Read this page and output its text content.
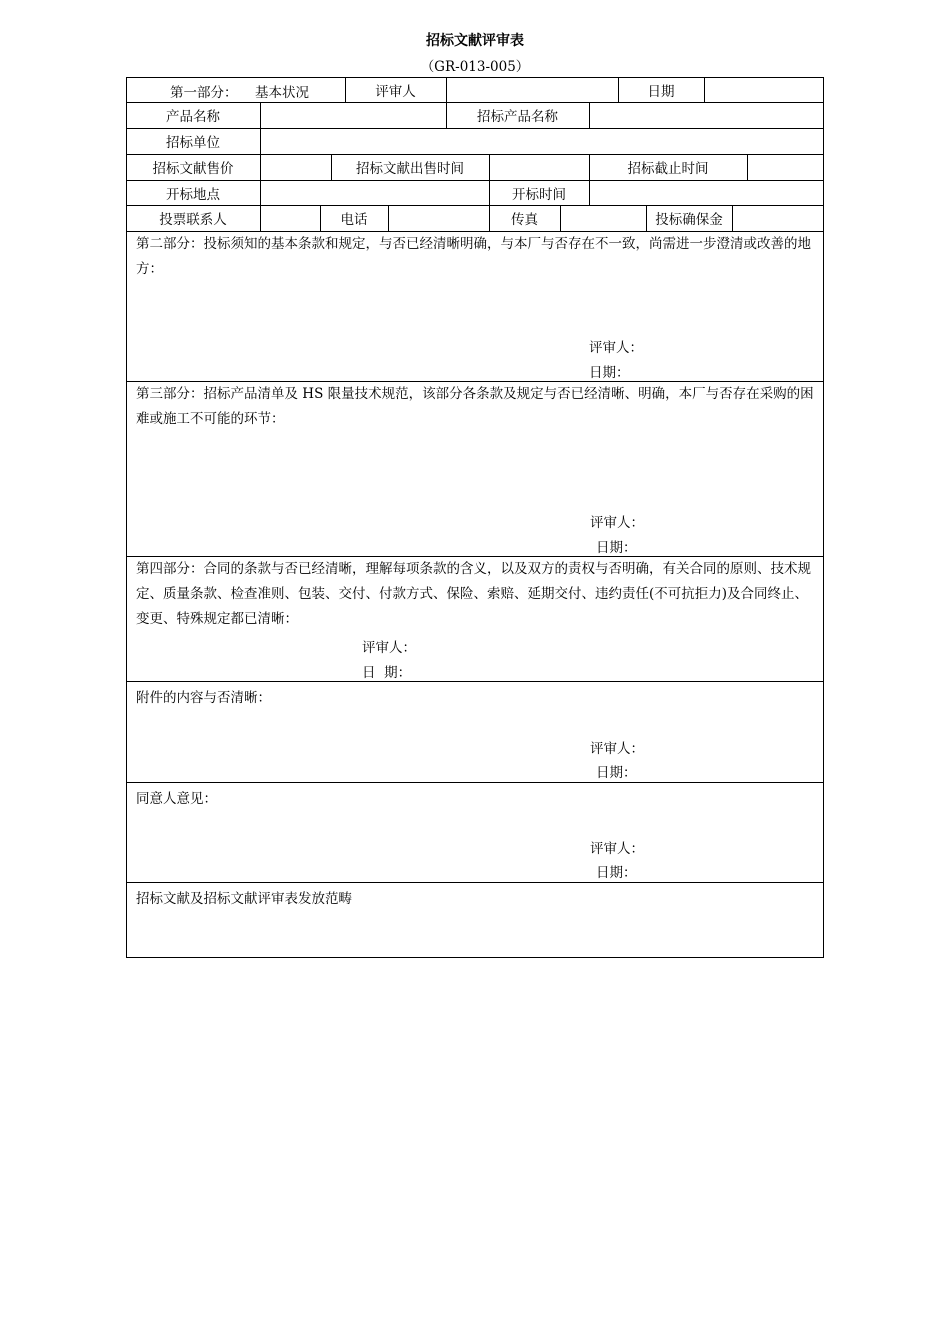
招标文献评审表
（GR-013-005）
第一部分： 基本状况	评审人	日期
产品名称	招标产品名称
招标单位
招标文献售价	招标文献出售时间	招标截止时间
开标地点	开标时间
投票联系人	电话	传真	投标确保金
第二部分：投标须知的基本条款和规定，与否已经清晰明确，与本厂与否存在不一致，尚需进一步澄清或改善的地方：
评审人：
日期：
第三部分：招标产品清单及 HS 限量技术规范，该部分各条款及规定与否已经清晰、明确，本厂与否存在采购的困难或施工不可能的环节：
评审人：
日期：
第四部分：合同的条款与否已经清晰，理解每项条款的含义，以及双方的责权与否明确，有关合同的原则、技术规定、质量条款、检查准则、包装、交付、付款方式、保险、索赔、延期交付、违约责任(不可抗拒力)及合同终止、变更、特殊规定都已清晰：
评审人：
日  期：
附件的内容与否清晰：
评审人：
日期：
同意人意见：
评审人：
日期：
招标文献及招标文献评审表发放范畴
